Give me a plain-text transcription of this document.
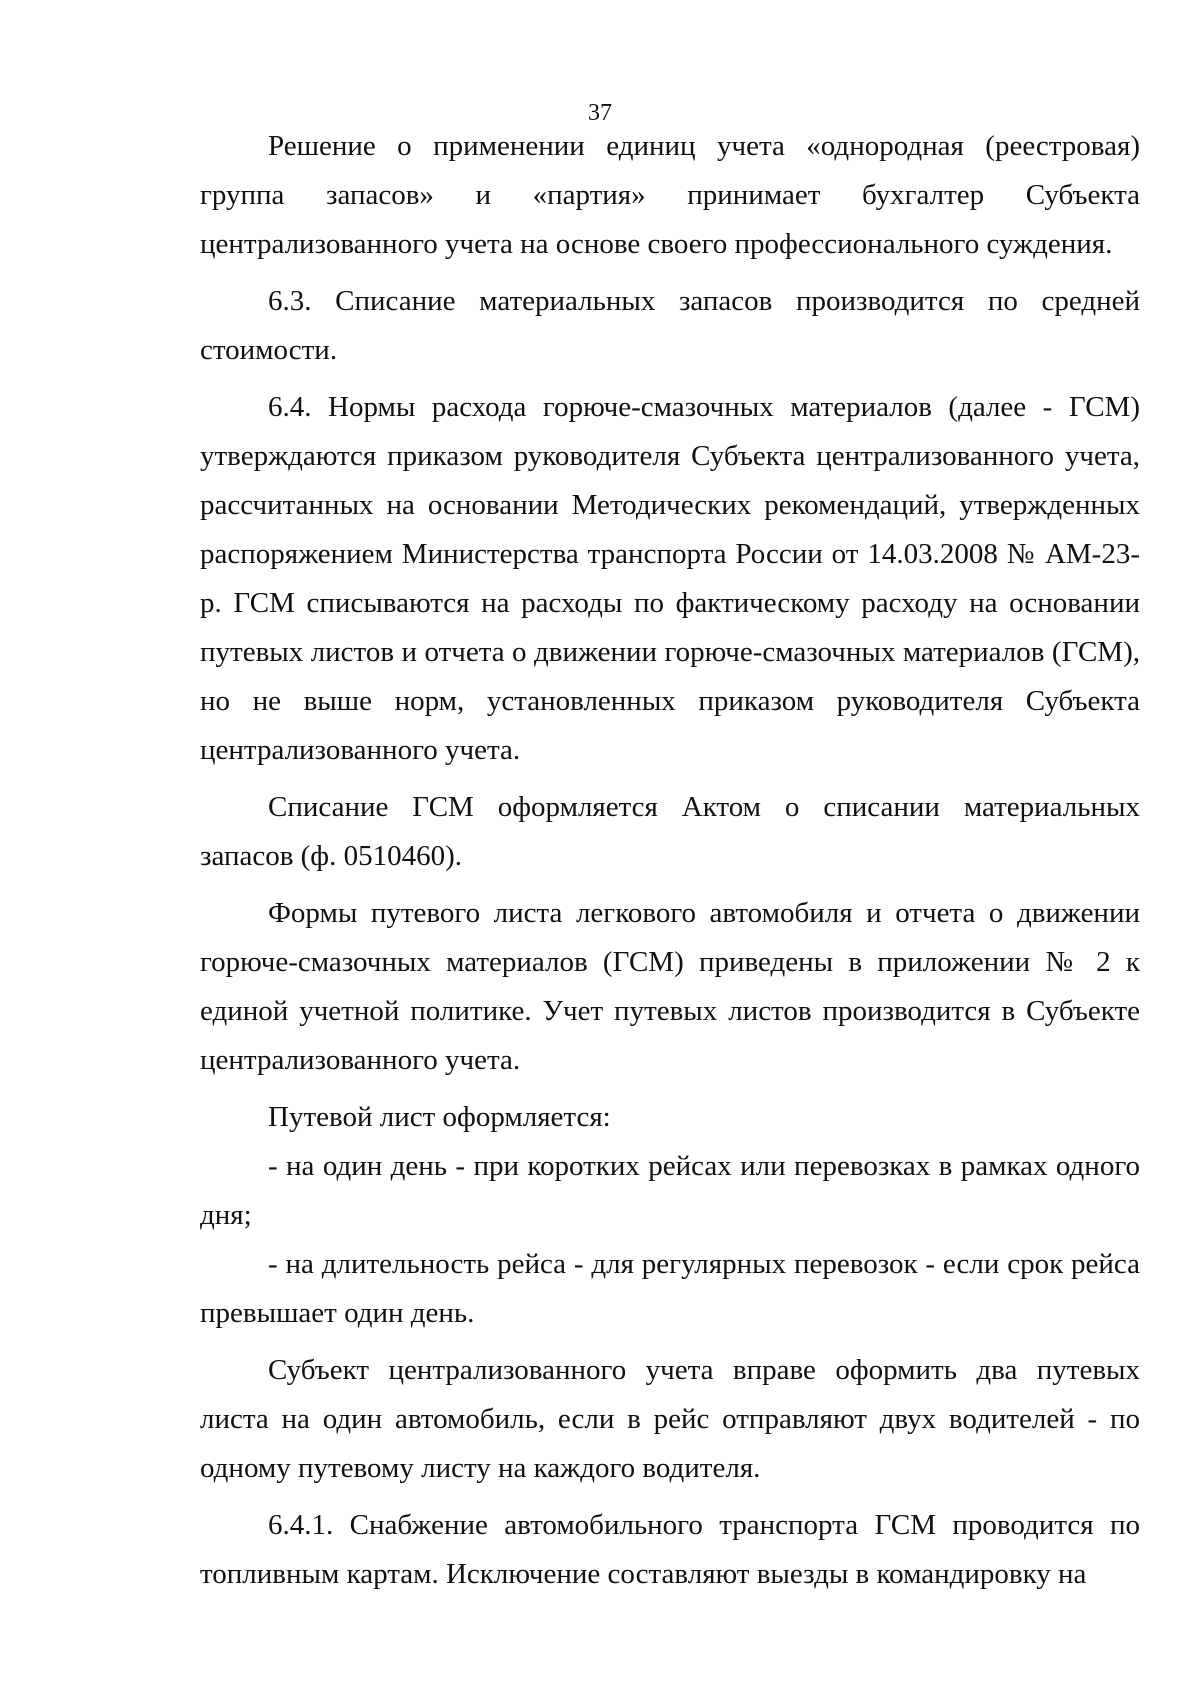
37

Решение о применении единиц учета «однородная (реестровая) группа запасов» и «партия» принимает бухгалтер Субъекта централизованного учета на основе своего профессионального суждения.

6.3. Списание материальных запасов производится по средней стоимости.

6.4. Нормы расхода горюче-смазочных материалов (далее - ГСМ) утверждаются приказом руководителя Субъекта централизованного учета, рассчитанных на основании Методических рекомендаций, утвержденных распоряжением Министерства транспорта России от 14.03.2008 № АМ-23-р. ГСМ списываются на расходы по фактическому расходу на основании путевых листов и отчета о движении горюче-смазочных материалов (ГСМ), но не выше норм, установленных приказом руководителя Субъекта централизованного учета.

Списание ГСМ оформляется Актом о списании материальных запасов (ф. 0510460).

Формы путевого листа легкового автомобиля и отчета о движении горюче-смазочных материалов (ГСМ) приведены в приложении № 2 к единой учетной политике. Учет путевых листов производится в Субъекте централизованного учета.

Путевой лист оформляется:

- на один день - при коротких рейсах или перевозках в рамках одного дня;

- на длительность рейса - для регулярных перевозок - если срок рейса превышает один день.

Субъект централизованного учета вправе оформить два путевых листа на один автомобиль, если в рейс отправляют двух водителей - по одному путевому листу на каждого водителя.

6.4.1. Снабжение автомобильного транспорта ГСМ проводится по топливным картам. Исключение составляют выезды в командировку на
